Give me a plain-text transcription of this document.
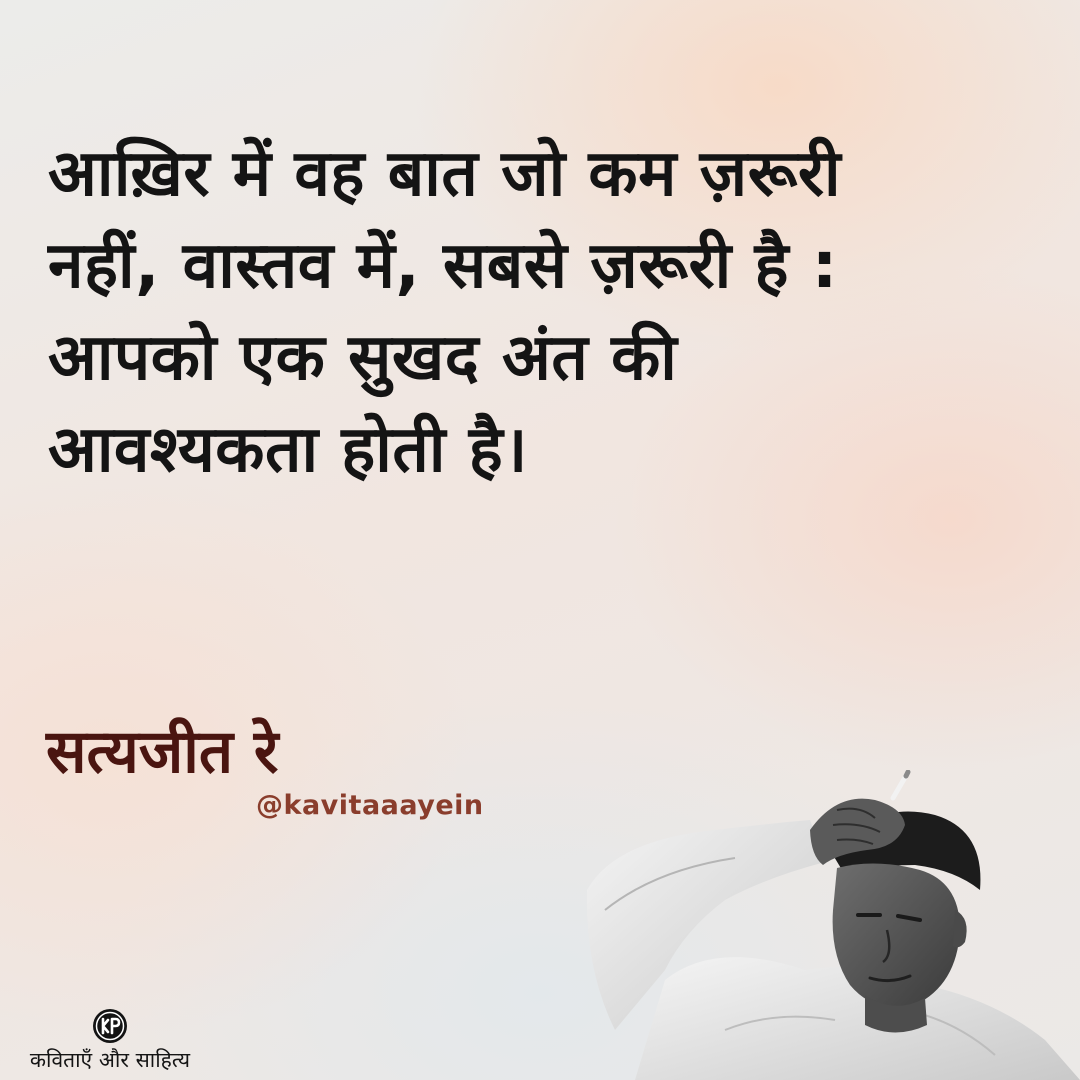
आख़िर में वह बात जो कम ज़रूरी
नहीं, वास्तव में, सबसे ज़रूरी है :
आपको एक सुखद अंत की
आवश्यकता होती है।
सत्यजीत रे
@kavitaaayein
कविताएँ और साहित्य
